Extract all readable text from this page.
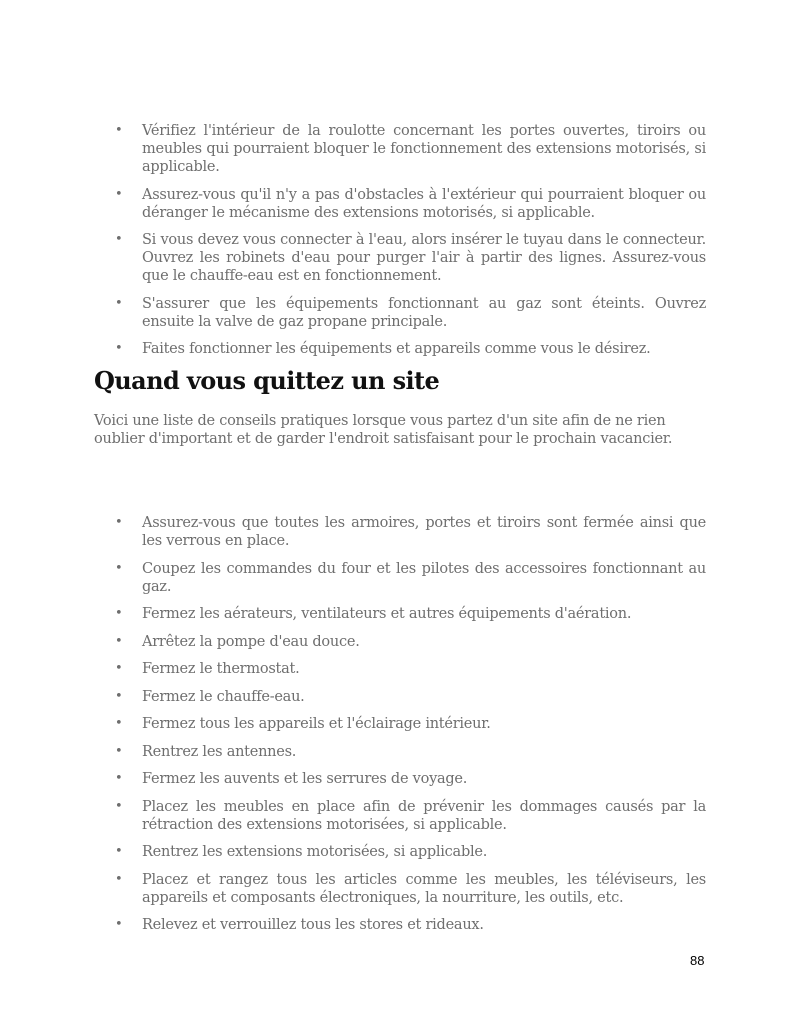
• Vérifiez l'intérieur de la roulotte concernant les portes ouvertes, tiroirs ou meubles qui pourraient bloquer le fonctionnement des extensions motorisés, si applicable.
• Assurez-vous qu'il n'y a pas d'obstacles à l'extérieur qui pourraient bloquer ou déranger le mécanisme des extensions motorisés, si applicable.
• Si vous devez vous connecter à l'eau, alors insérer le tuyau dans le connecteur. Ouvrez les robinets d'eau pour purger l'air à partir des lignes. Assurez-vous que le chauffe-eau est en fonctionnement.
• S'assurer que les équipements fonctionnant au gaz sont éteints. Ouvrez ensuite la valve de gaz propane principale.
• Faites fonctionner les équipements et appareils comme vous le désirez.
Quand vous quittez un site

Voici une liste de conseils pratiques lorsque vous partez d'un site afin de ne rien oublier d'important et de garder l'endroit satisfaisant pour le prochain vacancier.

• Assurez-vous que toutes les armoires, portes et tiroirs sont fermée ainsi que les verrous en place.
• Coupez les commandes du four et les pilotes des accessoires fonctionnant au gaz.
• Fermez les aérateurs, ventilateurs et autres équipements d'aération.
• Arrêtez la pompe d'eau douce.
• Fermez le thermostat.
• Fermez le chauffe-eau.
• Fermez tous les appareils et l'éclairage intérieur.
• Rentrez les antennes.
• Fermez les auvents et les serrures de voyage.
• Placez les meubles en place afin de prévenir les dommages causés par la rétraction des extensions motorisées, si applicable.
• Rentrez les extensions motorisées, si applicable.
• Placez et rangez tous les articles comme les meubles, les téléviseurs, les appareils et composants électroniques, la nourriture, les outils, etc.
• Relevez et verrouillez tous les stores et rideaux.
88
